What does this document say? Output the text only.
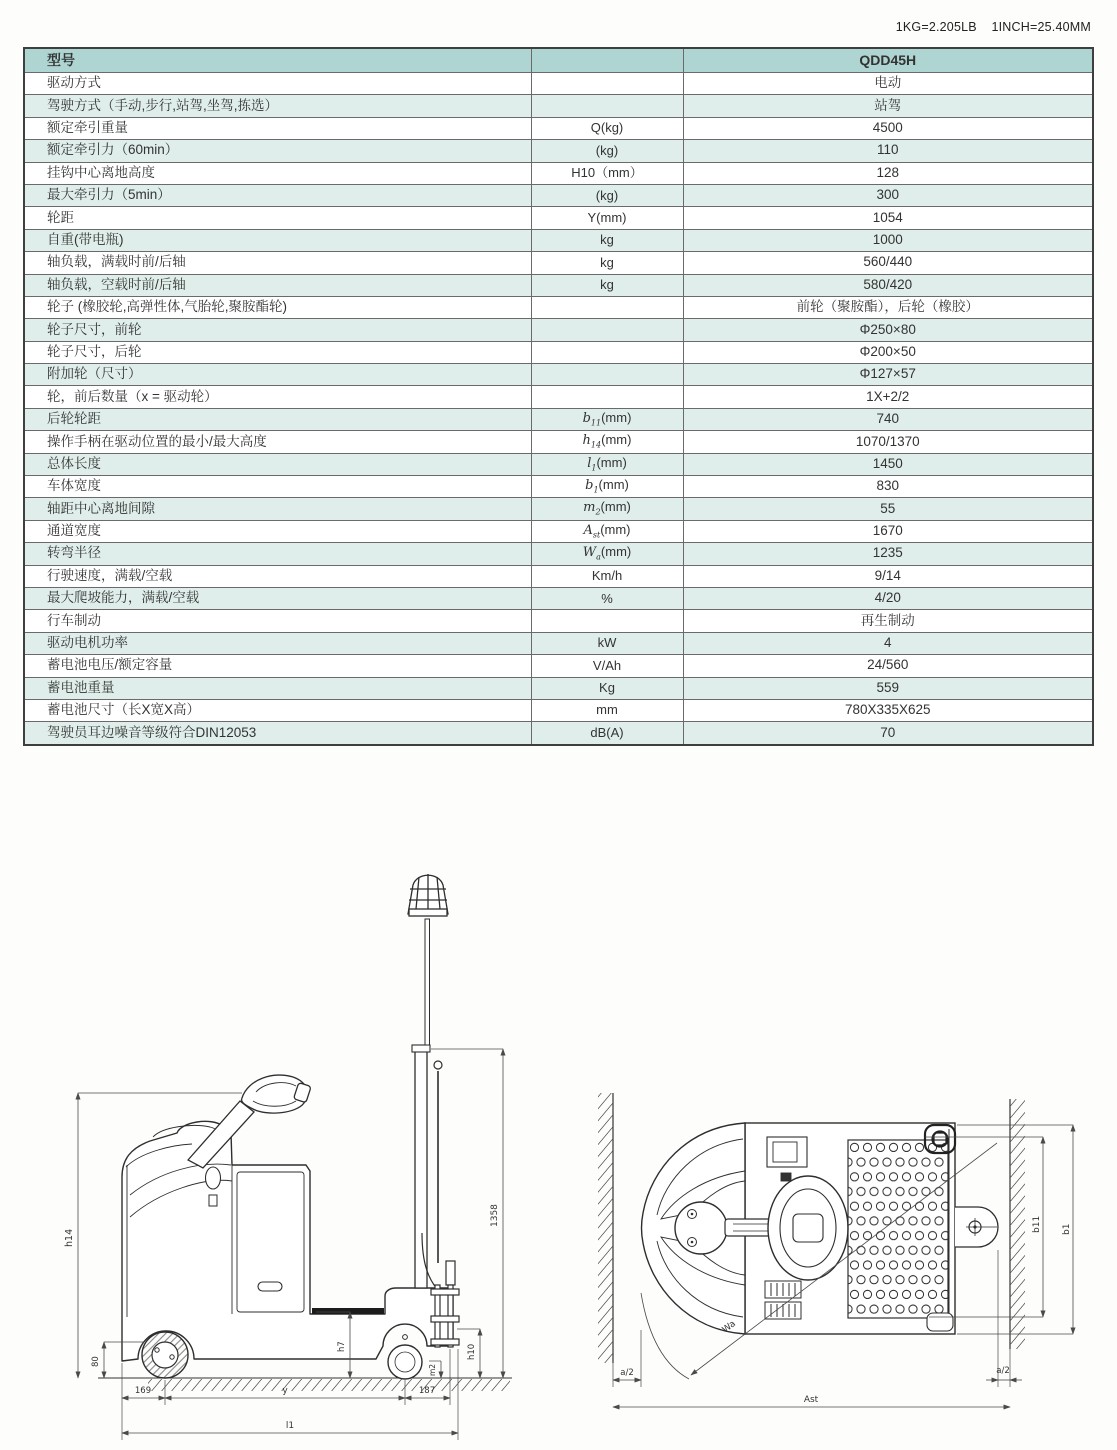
1KG=2.205LB    1INCH=25.40MM
型号		QDD45H
驱动方式		电动
驾驶方式（手动,步行,站驾,坐驾,拣选）		站驾
额定牵引重量	Q(kg)	4500
额定牵引力（60min）	(kg)	110
挂钩中心离地高度	H10（mm）	128
最大牵引力（5min）	(kg)	300
轮距	Y(mm)	1054
自重(带电瓶)	kg	1000
轴负载，满载时前/后轴	kg	560/440
轴负载，空载时前/后轴	kg	580/420
轮子 (橡胶轮,高弹性体,气胎轮,聚胺酯轮)		前轮（聚胺酯），后轮（橡胶）
轮子尺寸，前轮		Φ250×80
轮子尺寸，后轮		Φ200×50
附加轮（尺寸）		Φ127×57
轮，前后数量（x = 驱动轮）		1X+2/2
后轮轮距	$b_{11}(mm)$	740
操作手柄在驱动位置的最小/最大高度	$h_{14}(mm)$	1070/1370
总体长度	$l_1(mm)$	1450
车体宽度	$b_1(mm)$	830
轴距中心离地间隙	$m_2(mm)$	55
通道宽度	$A_{st}(mm)$	1670
转弯半径	$W_a(mm)$	1235
行驶速度，满载/空载	Km/h	9/14
最大爬坡能力，满载/空载	%	4/20
行车制动		再生制动
驱动电机功率	kW	4
蓄电池电压/额定容量	V/Ah	24/560
蓄电池重量	Kg	559
蓄电池尺寸（长X宽X高）	mm	780X335X625
驾驶员耳边噪音等级符合DIN12053	dB(A)	70
h14
80
1358
h7
m2
h10
169	y	187
l1
b11 b1
a/2	a/2
Ast
Wa
